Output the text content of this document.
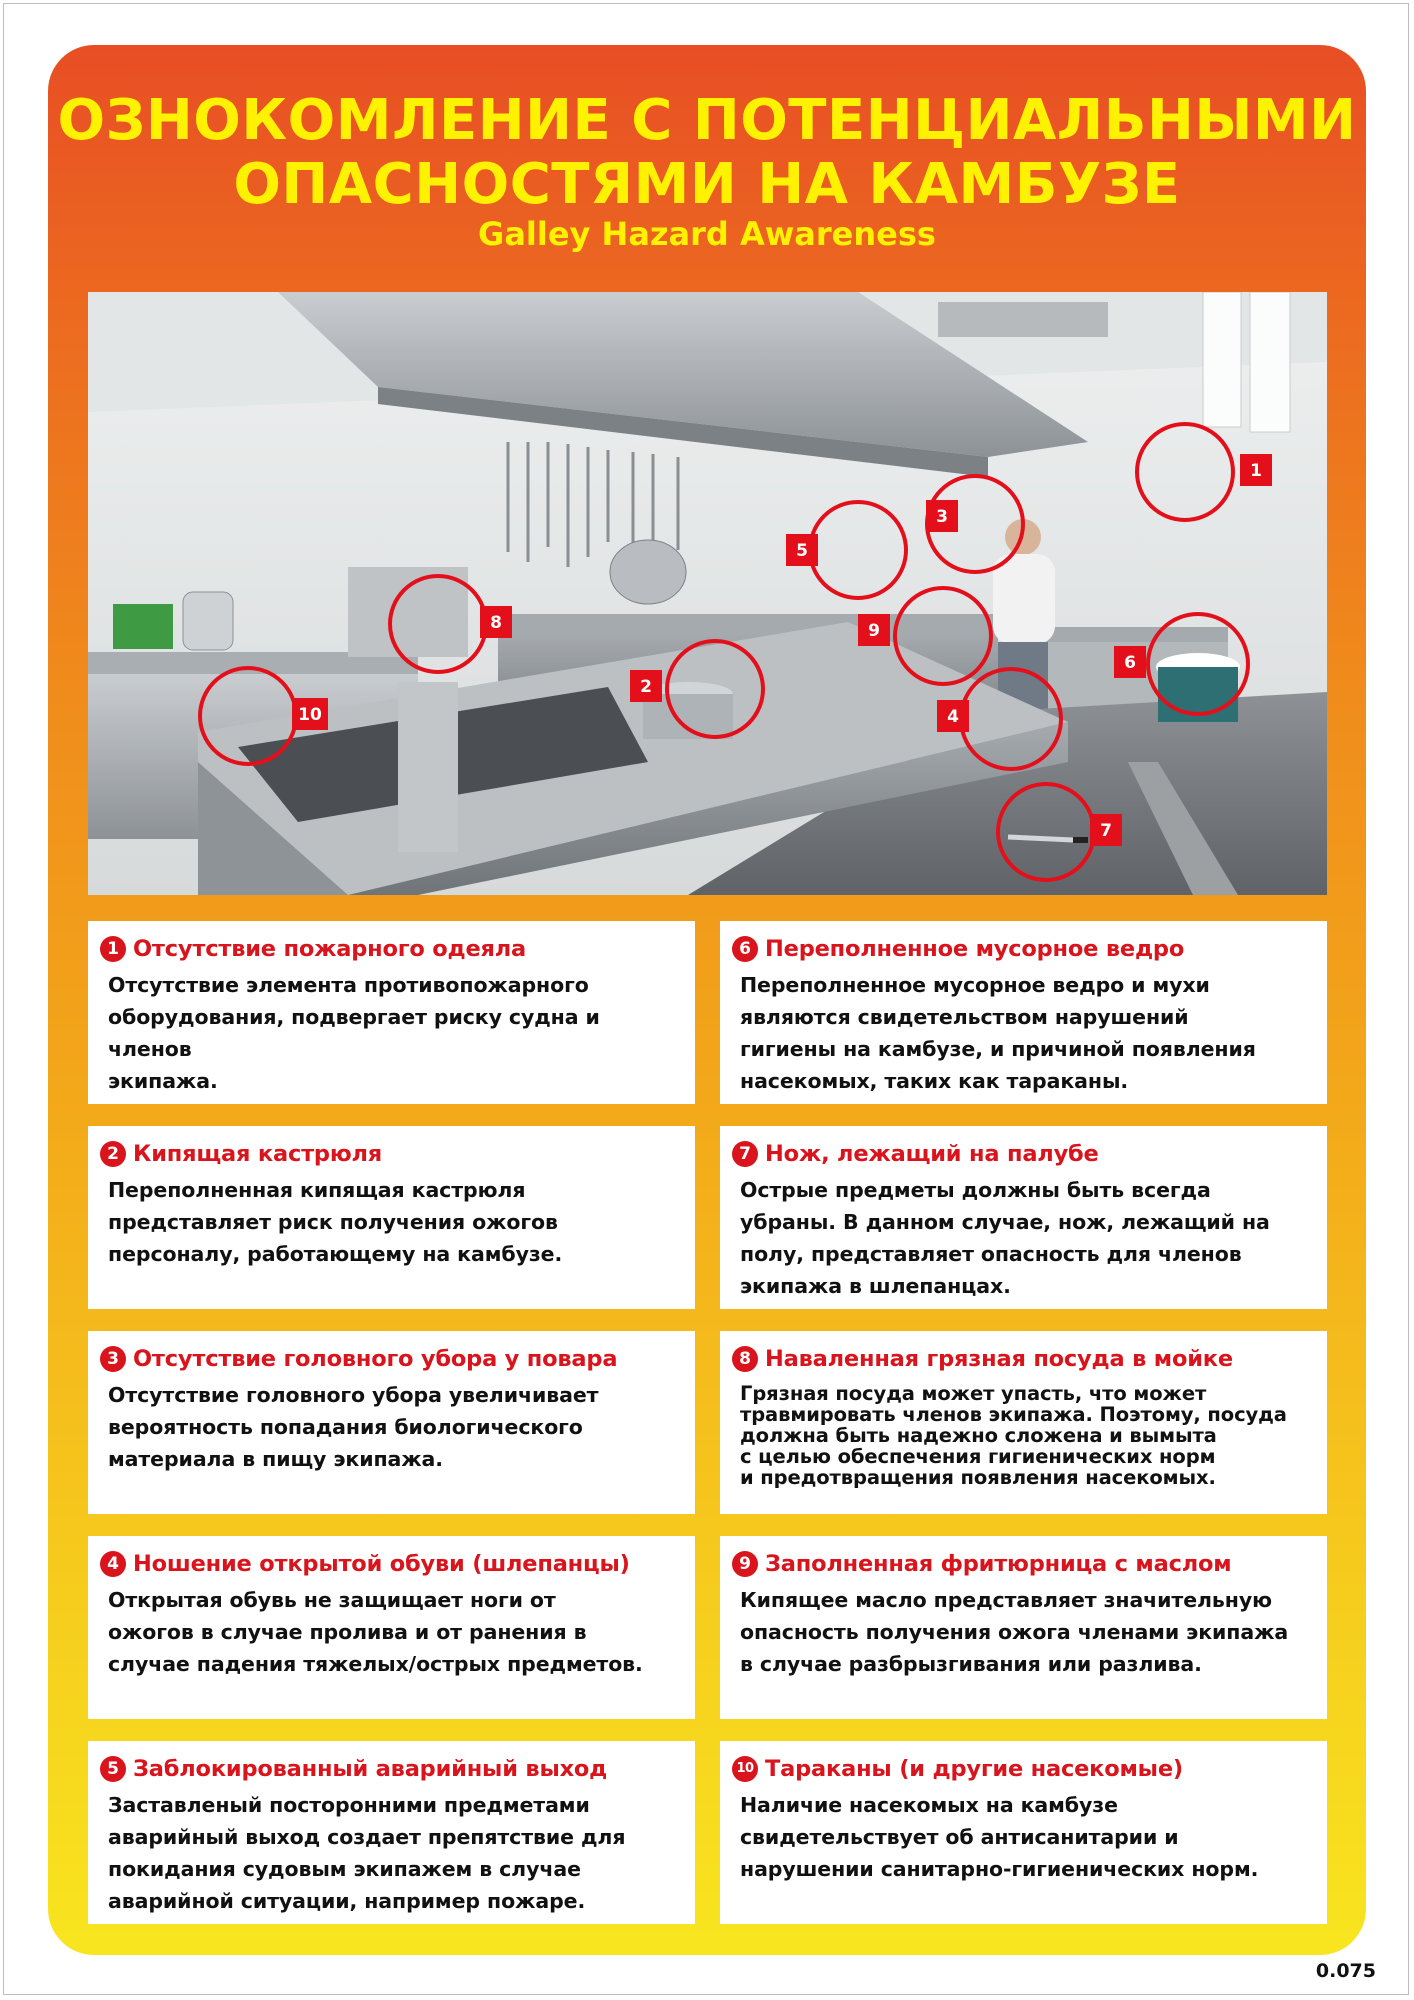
ОЗНОКОМЛЕНИЕ С ПОТЕНЦИАЛЬНЫМИ
ОПАСНОСТЯМИ НА КАМБУЗЕ
Galley Hazard Awareness
1
2
3
4
5
6
7
8	9
10
1 Отсутствие пожарного одеяла
Отсутствие элемента противопожарного
оборудования, подвергает риску судна и членов
экипажа.
2 Кипящая кастрюля
Переполненная кипящая кастрюля
представляет риск получения ожогов
персоналу, работающему на камбузе.
3 Отсутствие головного убора у повара
Отсутствие головного убора увеличивает
вероятность попадания биологического
материала в пищу экипажа.
4 Ношение открытой обуви (шлепанцы)
Открытая обувь не защищает ноги от
ожогов в случае пролива и от ранения в
случае падения тяжелых/острых предметов.
5 Заблокированный аварийный выход
Заставленый посторонними предметами
аварийный выход создает препятствие для
покидания судовым экипажем в случае
аварийной ситуации, например пожаре.
6 Переполненное мусорное ведро
Переполненное мусорное ведро и мухи
являются свидетельством нарушений
гигиены на камбузе, и причиной появления
насекомых, таких как тараканы.
7 Нож, лежащий на палубе
Острые предметы должны быть всегда
убраны. В данном случае, нож, лежащий на
полу, представляет опасность для членов
экипажа в шлепанцах.
8 Наваленная грязная посуда в мойке
Грязная посуда может упасть, что может
травмировать членов экипажа. Поэтому, посуда
должна быть надежно сложена и вымыта
с целью обеспечения гигиенических норм
и предотвращения появления насекомых.
9 Заполненная фритюрница с маслом
Кипящее масло представляет значительную
опасность получения ожога членами экипажа
в случае разбрызгивания или разлива.
10 Тараканы (и другие насекомые)
Наличие насекомых на камбузе
свидетельствует об антисанитарии и
нарушении санитарно-гигиенических норм.
0.075
